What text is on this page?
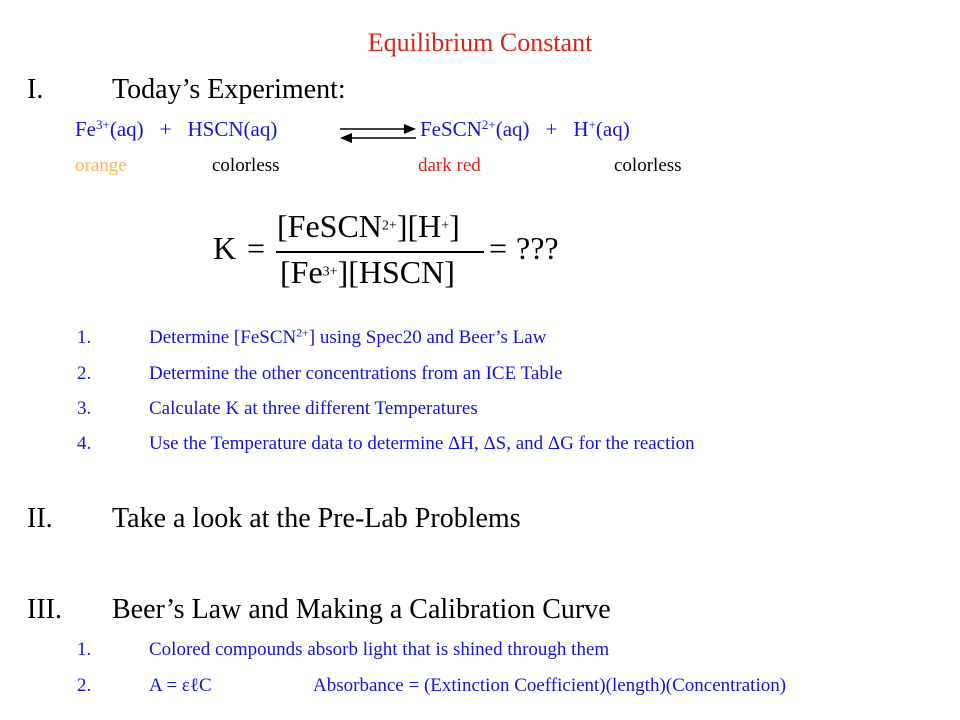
Equilibrium Constant
I. Today’s Experiment:
$Fe^{3+}(aq)$ + HSCN(aq)	FeSCN$^{2+}$(aq) + H+(aq)
orange	colorless	dark red	colorless
K =
[FeSCN$^{2+}$][H+]
$[Fe^{3+}][HSCN]$
= ???
1.	Determine [FeSCN$^{2+}$] using Spec20 and Beer’s Law
2.	Determine the other concentrations from an ICE Table
3.	Calculate K at three different Temperatures
4.	Use the Temperature data to determine ΔH, ΔS, and ΔG for the reaction
II. Take a look at the Pre-Lab Problems
III. Beer’s Law and Making a Calibration Curve
1.	Colored compounds absorb light that is shined through them
2.	A = εℓC	Absorbance = (Extinction Coefficient)(length)(Concentration)
